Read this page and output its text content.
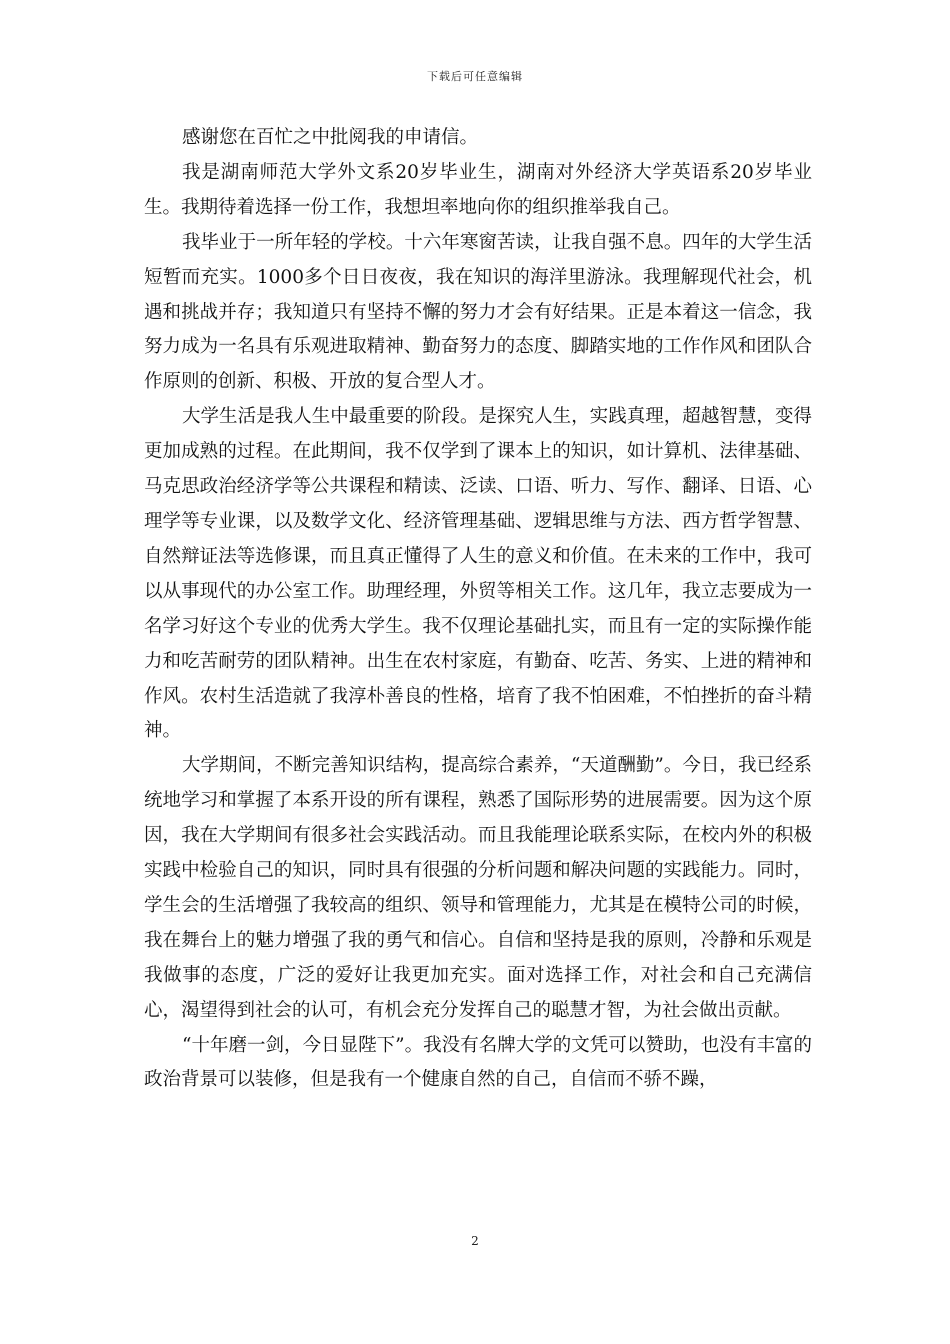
下载后可任意编辑

感谢您在百忙之中批阅我的申请信。

我是湖南师范大学外文系20岁毕业生，湖南对外经济大学英语系20岁毕业生。我期待着选择一份工作，我想坦率地向你的组织推举我自己。

我毕业于一所年轻的学校。十六年寒窗苦读，让我自强不息。四年的大学生活短暂而充实。1000多个日日夜夜，我在知识的海洋里游泳。我理解现代社会，机遇和挑战并存；我知道只有坚持不懈的努力才会有好结果。正是本着这一信念，我努力成为一名具有乐观进取精神、勤奋努力的态度、脚踏实地的工作作风和团队合作原则的创新、积极、开放的复合型人才。

大学生活是我人生中最重要的阶段。是探究人生，实践真理，超越智慧，变得更加成熟的过程。在此期间，我不仅学到了课本上的知识，如计算机、法律基础、马克思政治经济学等公共课程和精读、泛读、口语、听力、写作、翻译、日语、心理学等专业课，以及数学文化、经济管理基础、逻辑思维与方法、西方哲学智慧、自然辩证法等选修课，而且真正懂得了人生的意义和价值。在未来的工作中，我可以从事现代的办公室工作。助理经理，外贸等相关工作。这几年，我立志要成为一名学习好这个专业的优秀大学生。我不仅理论基础扎实，而且有一定的实际操作能力和吃苦耐劳的团队精神。出生在农村家庭，有勤奋、吃苦、务实、上进的精神和作风。农村生活造就了我淳朴善良的性格，培育了我不怕困难，不怕挫折的奋斗精神。

大学期间，不断完善知识结构，提高综合素养，“天道酬勤”。今日，我已经系统地学习和掌握了本系开设的所有课程，熟悉了国际形势的进展需要。因为这个原因，我在大学期间有很多社会实践活动。而且我能理论联系实际，在校内外的积极实践中检验自己的知识，同时具有很强的分析问题和解决问题的实践能力。同时，学生会的生活增强了我较高的组织、领导和管理能力，尤其是在模特公司的时候，我在舞台上的魅力增强了我的勇气和信心。自信和坚持是我的原则，冷静和乐观是我做事的态度，广泛的爱好让我更加充实。面对选择工作，对社会和自己充满信心，渴望得到社会的认可，有机会充分发挥自己的聪慧才智，为社会做出贡献。

“十年磨一剑，今日显陛下”。我没有名牌大学的文凭可以赞助，也没有丰富的政治背景可以装修，但是我有一个健康自然的自己，自信而不骄不躁，

2
